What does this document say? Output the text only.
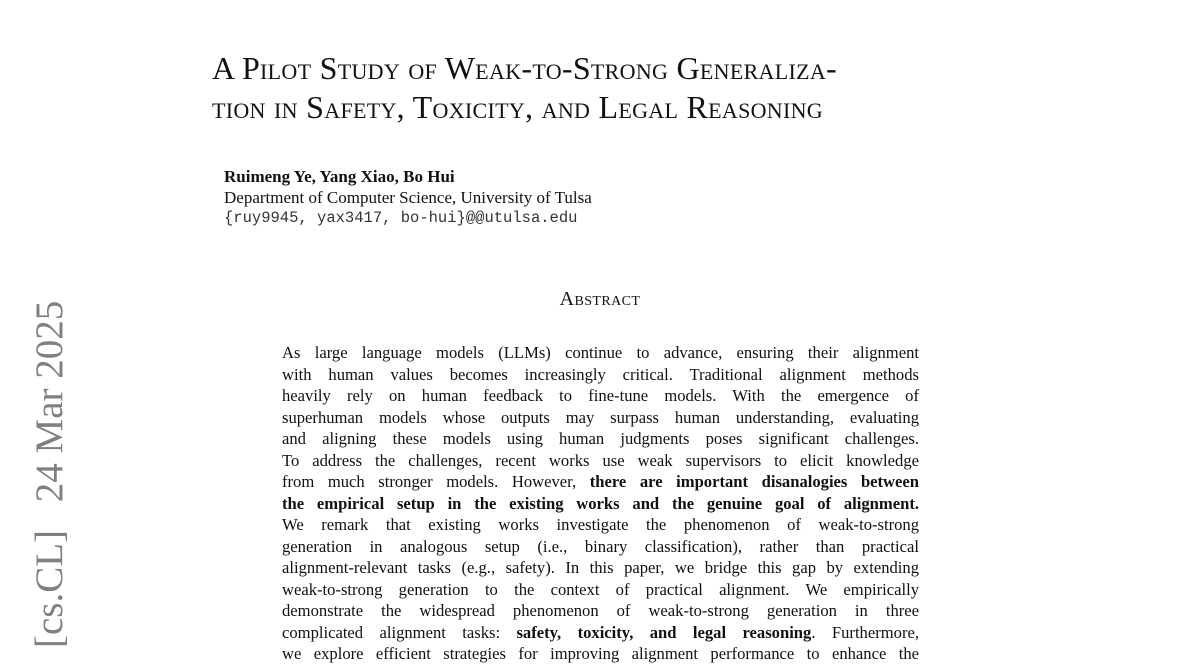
[cs.CL] 24 Mar 2025
A Pilot Study of Weak-to-Strong Generaliza-
tion in Safety, Toxicity, and Legal Reasoning
Ruimeng Ye, Yang Xiao, Bo Hui
Department of Computer Science, University of Tulsa
{ruy9945, yax3417, bo-hui}@@utulsa.edu
Abstract
As large language models (LLMs) continue to advance, ensuring their alignment
with human values becomes increasingly critical. Traditional alignment methods
heavily rely on human feedback to fine-tune models. With the emergence of
superhuman models whose outputs may surpass human understanding, evaluating
and aligning these models using human judgments poses significant challenges.
To address the challenges, recent works use weak supervisors to elicit knowledge
from much stronger models. However, there are important disanalogies between
the empirical setup in the existing works and the genuine goal of alignment.
We remark that existing works investigate the phenomenon of weak-to-strong
generation in analogous setup (i.e., binary classification), rather than practical
alignment-relevant tasks (e.g., safety). In this paper, we bridge this gap by extending
weak-to-strong generation to the context of practical alignment. We empirically
demonstrate the widespread phenomenon of weak-to-strong generation in three
complicated alignment tasks: safety, toxicity, and legal reasoning. Furthermore,
we explore efficient strategies for improving alignment performance to enhance the
